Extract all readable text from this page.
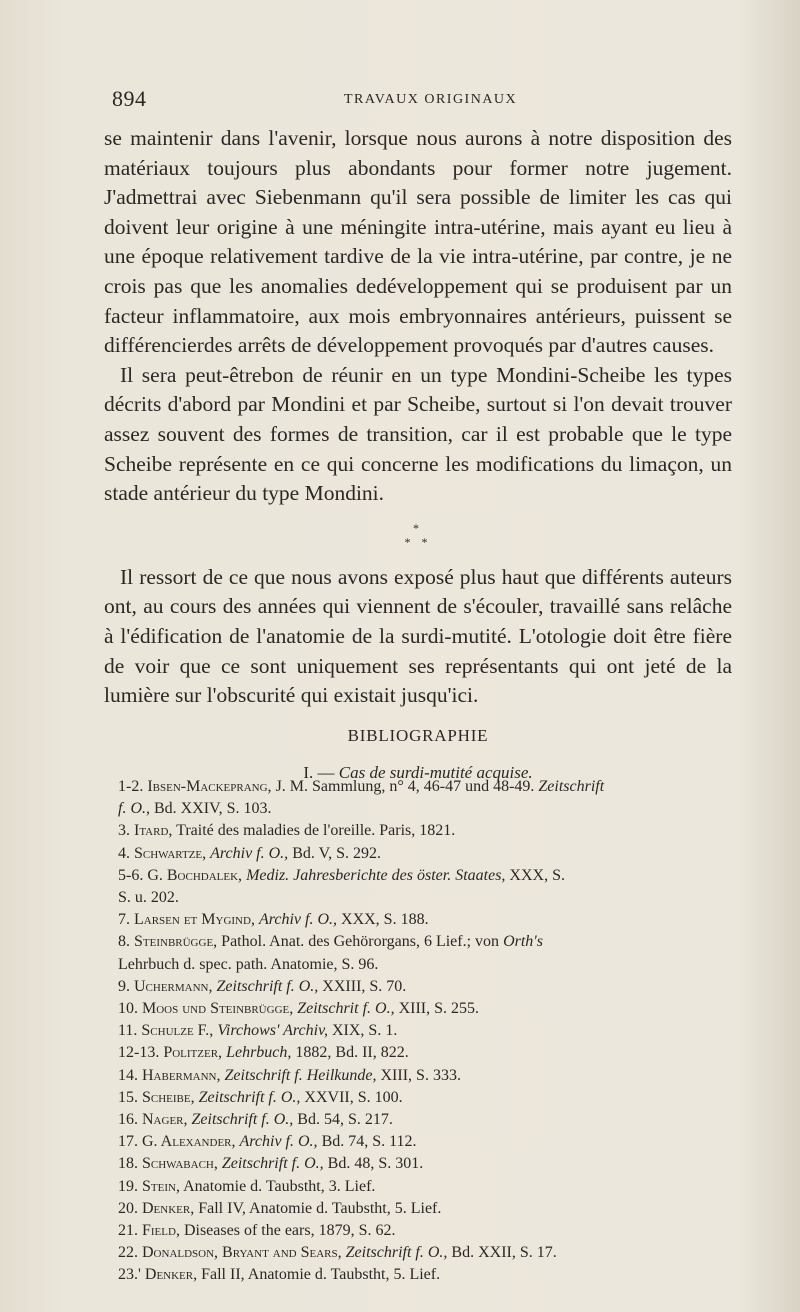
894	TRAVAUX ORIGINAUX

se maintenir dans l'avenir, lorsque nous aurons à notre disposition des matériaux toujours plus abondants pour former notre jugement. J'admettrai avec Siebenmann qu'il sera possible de limiter les cas qui doivent leur origine à une méningite intra-utérine, mais ayant eu lieu à une époque relativement tardive de la vie intra-utérine, par contre, je ne crois pas que les anomalies dedéveloppement qui se produisent par un facteur inflammatoire, aux mois embryonnaires antérieurs, puissent se différencierdes arrêts de développement provoqués par d'autres causes.

Il sera peut-êtrebon de réunir en un type Mondini-Scheibe les types décrits d'abord par Mondini et par Scheibe, surtout si l'on devait trouver assez souvent des formes de transition, car il est probable que le type Scheibe représente en ce qui concerne les modifications du limaçon, un stade antérieur du type Mondini.

*
* *

Il ressort de ce que nous avons exposé plus haut que différents auteurs ont, au cours des années qui viennent de s'écouler, travaillé sans relâche à l'édification de l'anatomie de la surdi-mutité. L'otologie doit être fière de voir que ce sont uniquement ses représentants qui ont jeté de la lumière sur l'obscurité qui existait jusqu'ici.

BIBLIOGRAPHIE
I. — Cas de surdi-mutité acquise.

1-2. Ibsen-Mackeprang, J. M. Sammlung, n° 4, 46-47 und 48-49. Zeitschrift
f. O., Bd. XXIV, S. 103.

3. Itard, Traité des maladies de l'oreille. Paris, 1821.

4. Schwartze, Archiv f. O., Bd. V, S. 292.

5-6. G. Bochdalek, Mediz. Jahresberichte des öster. Staates, XXX, S.
S. u. 202.

7. Larsen et Mygind, Archiv f. O., XXX, S. 188.

8. Steinbrügge, Pathol. Anat. des Gehörorgans, 6 Lief.; von Orth's
Lehrbuch d. spec. path. Anatomie, S. 96.

9. Uchermann, Zeitschrift f. O., XXIII, S. 70.

10. Moos und Steinbrügge, Zeitschrit f. O., XIII, S. 255.

11. Schulze F., Virchows' Archiv, XIX, S. 1.

12-13. Politzer, Lehrbuch, 1882, Bd. II, 822.

14. Habermann, Zeitschrift f. Heilkunde, XIII, S. 333.

15. Scheibe, Zeitschrift f. O., XXVII, S. 100.

16. Nager, Zeitschrift f. O., Bd. 54, S. 217.

17. G. Alexander, Archiv f. O., Bd. 74, S. 112.

18. Schwabach, Zeitschrift f. O., Bd. 48, S. 301.

19. Stein, Anatomie d. Taubstht, 3. Lief.

20. Denker, Fall IV, Anatomie d. Taubstht, 5. Lief.

21. Field, Diseases of the ears, 1879, S. 62.

22. Donaldson, Bryant and Sears, Zeitschrift f. O., Bd. XXII, S. 17.

23.' Denker, Fall II, Anatomie d. Taubstht, 5. Lief.
